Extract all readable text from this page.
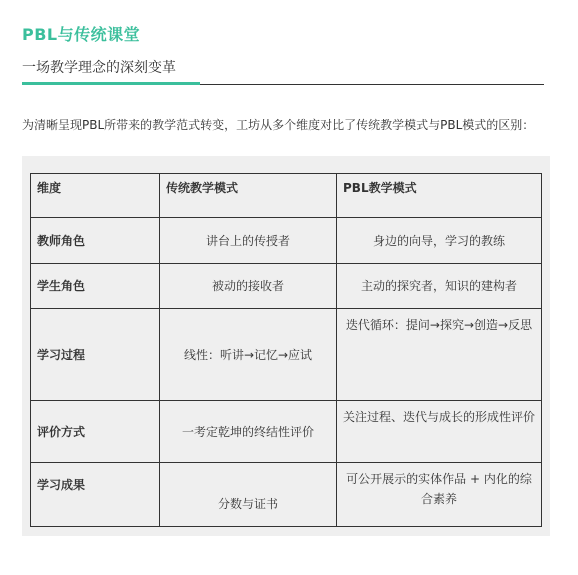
PBL与传统课堂
一场教学理念的深刻变革
为清晰呈现PBL所带来的教学范式转变，工坊从多个维度对比了传统教学模式与PBL模式的区别：
维度	传统教学模式	PBL教学模式
教师角色	讲台上的传授者	身边的向导，学习的教练
学生角色	被动的接收者	主动的探究者，知识的建构者
学习过程	线性：听讲→记忆→应试	迭代循环：提问→探究→创造→反思
评价方式	一考定乾坤的终结性评价	关注过程、迭代与成长的形成性评价
学习成果	分数与证书	可公开展示的实体作品 + 内化的综合素养
